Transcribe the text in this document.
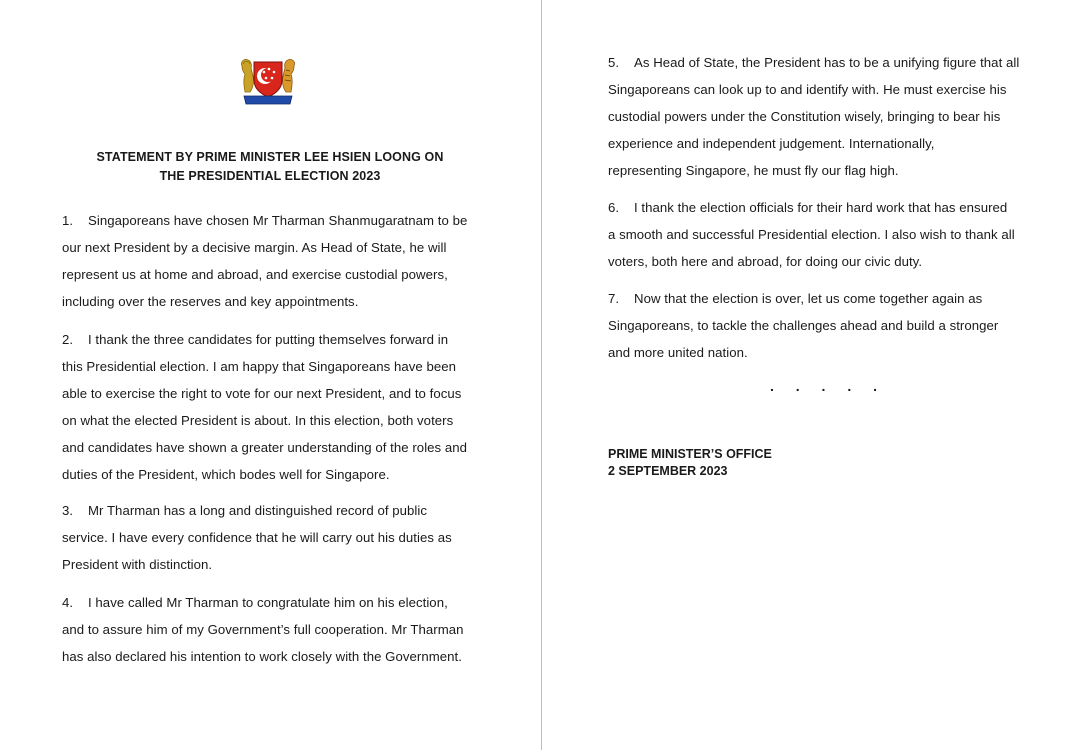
STATEMENT BY PRIME MINISTER LEE HSIEN LOONG ON
THE PRESIDENTIAL ELECTION 2023
1. Singaporeans have chosen Mr Tharman Shanmugaratnam to be
our next President by a decisive margin. As Head of State, he will
represent us at home and abroad, and exercise custodial powers,
including over the reserves and key appointments.
2. I thank the three candidates for putting themselves forward in
this Presidential election. I am happy that Singaporeans have been
able to exercise the right to vote for our next President, and to focus
on what the elected President is about. In this election, both voters
and candidates have shown a greater understanding of the roles and
duties of the President, which bodes well for Singapore.
3. Mr Tharman has a long and distinguished record of public
service. I have every confidence that he will carry out his duties as
President with distinction.
4. I have called Mr Tharman to congratulate him on his election,
and to assure him of my Government’s full cooperation. Mr Tharman
has also declared his intention to work closely with the Government.
5. As Head of State, the President has to be a unifying figure that all
Singaporeans can look up to and identify with. He must exercise his
custodial powers under the Constitution wisely, bringing to bear his
experience and independent judgement. Internationally,
representing Singapore, he must fly our flag high.
6. I thank the election officials for their hard work that has ensured
a smooth and successful Presidential election. I also wish to thank all
voters, both here and abroad, for doing our civic duty.
7. Now that the election is over, let us come together again as
Singaporeans, to tackle the challenges ahead and build a stronger
and more united nation.
. . . . .
PRIME MINISTER’S OFFICE
2 SEPTEMBER 2023
